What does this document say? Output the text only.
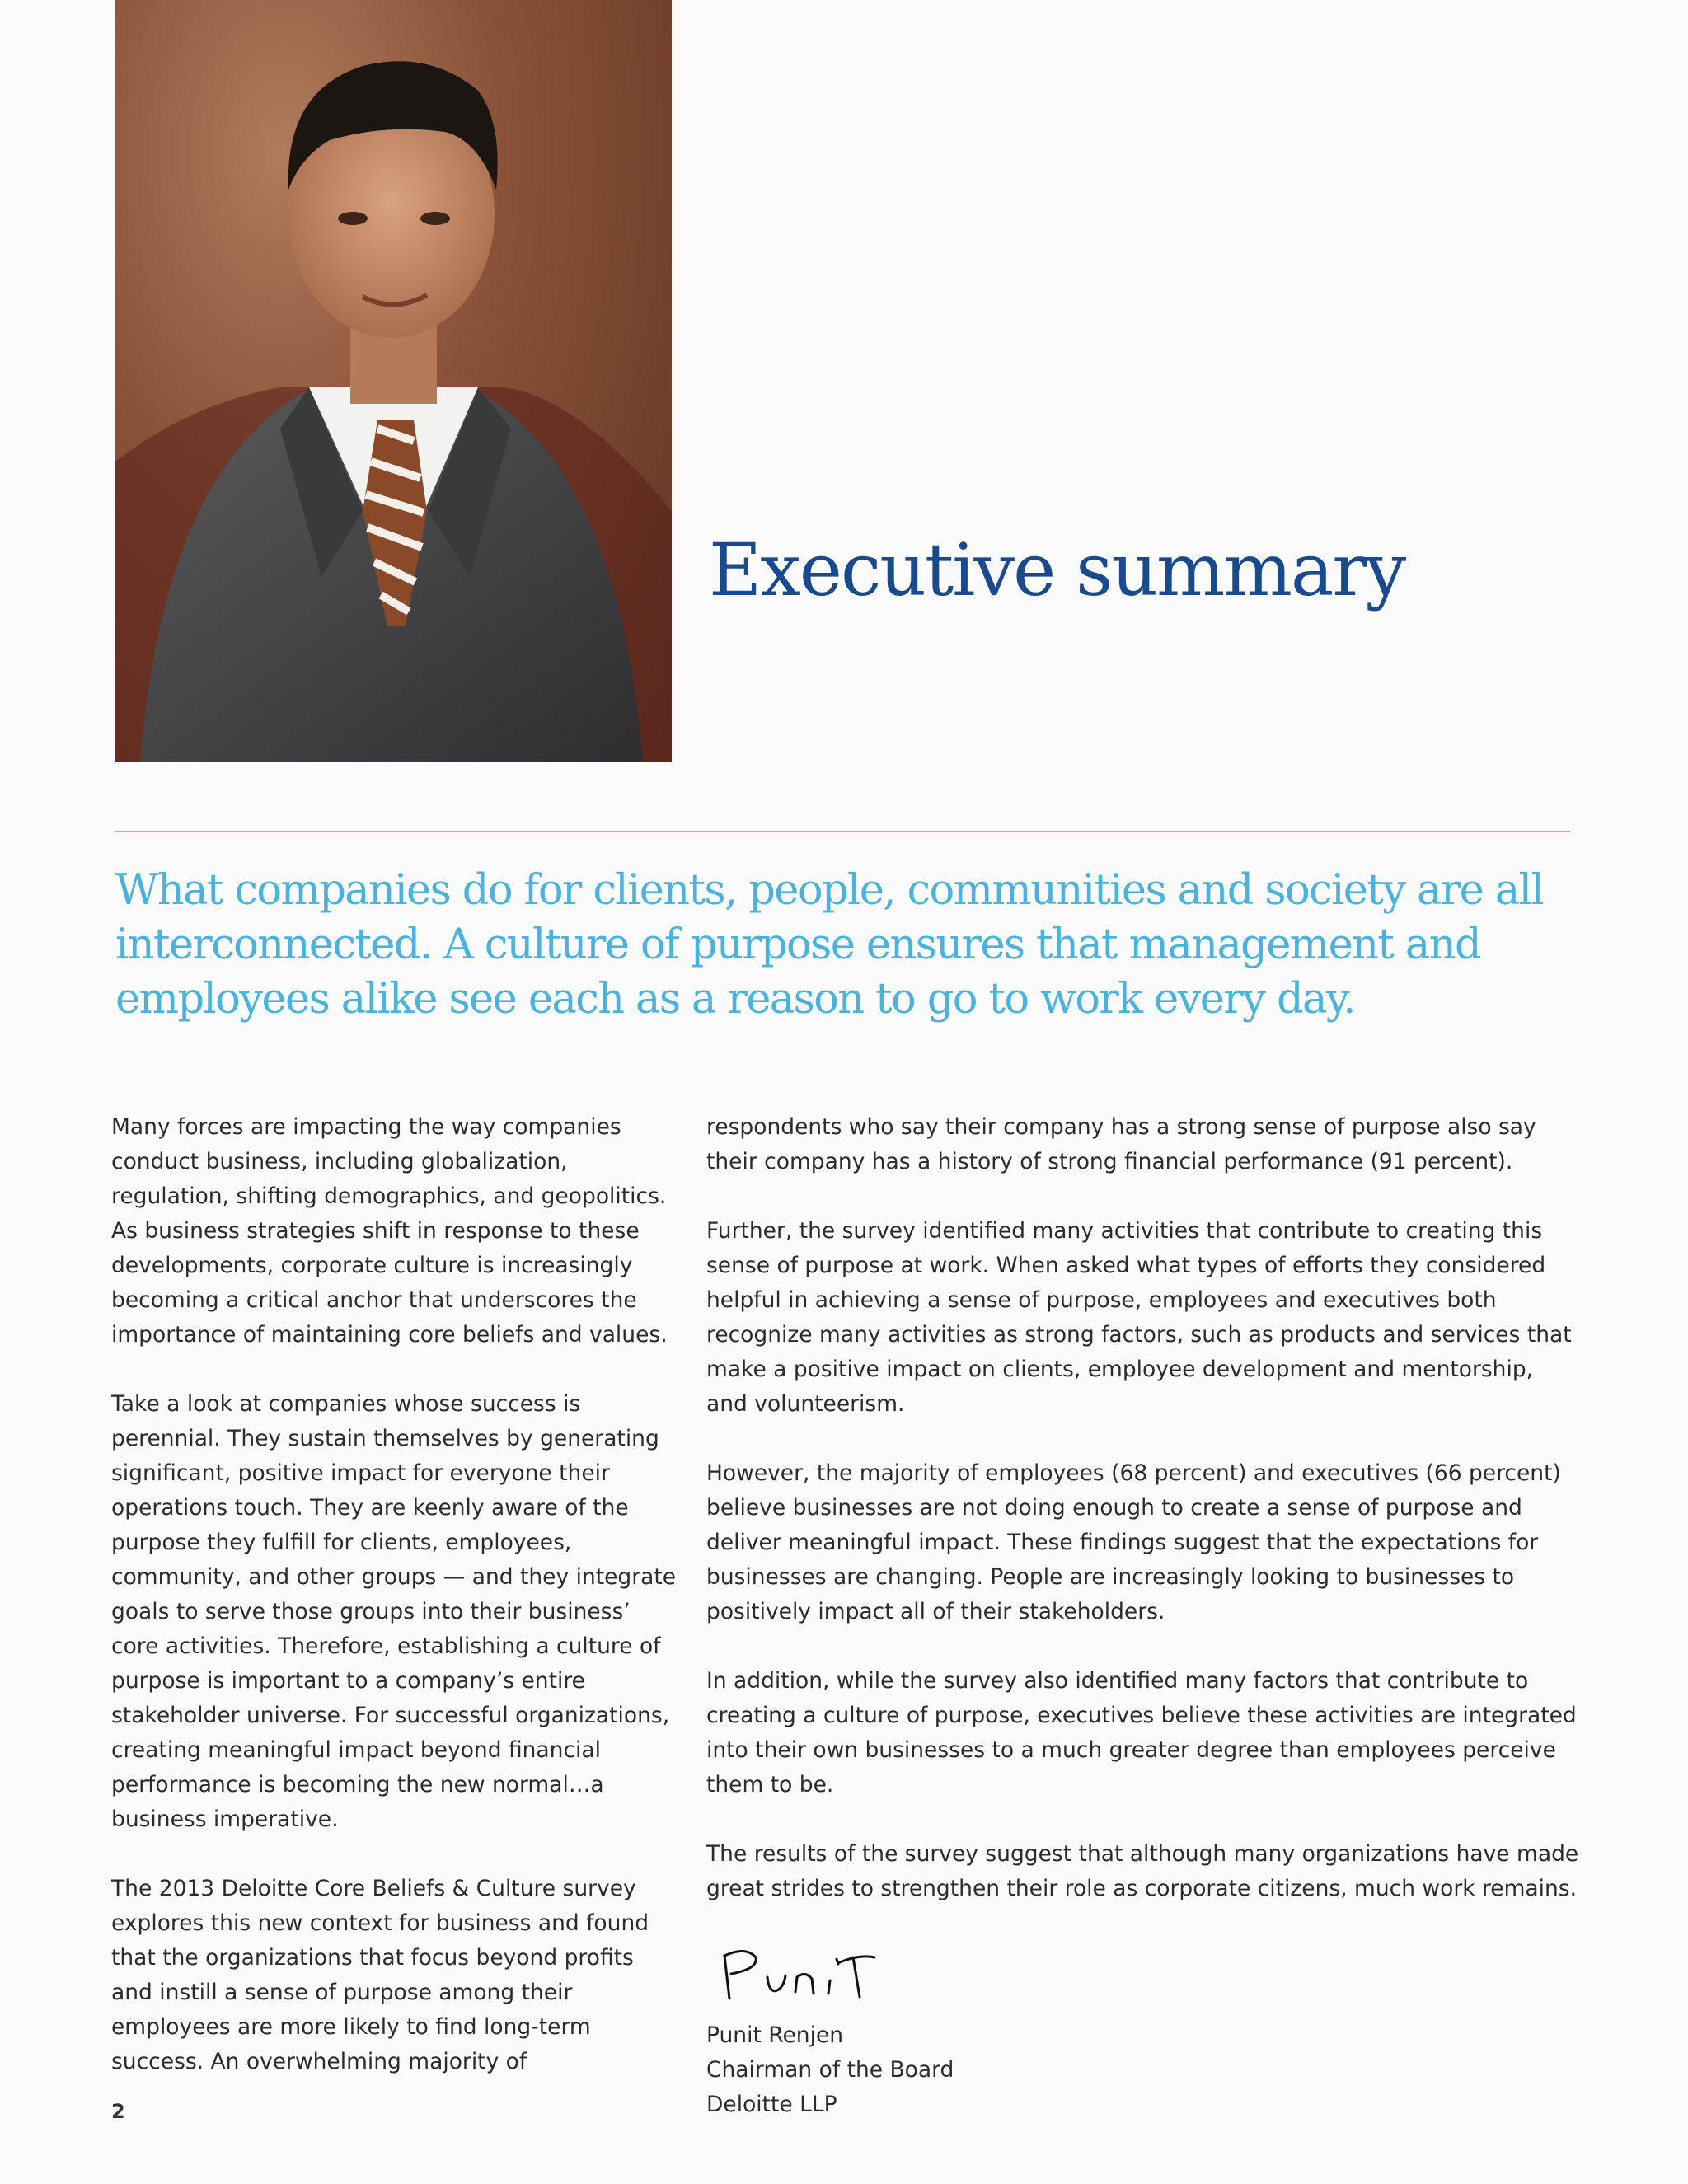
Executive summary

What companies do for clients, people, communities and society are all interconnected. A culture of purpose ensures that management and employees alike see each as a reason to go to work every day.

Many forces are impacting the way companies conduct business, including globalization, regulation, shifting demographics, and geopolitics. As business strategies shift in response to these developments, corporate culture is increasingly becoming a critical anchor that underscores the importance of maintaining core beliefs and values.

Take a look at companies whose success is perennial. They sustain themselves by generating significant, positive impact for everyone their operations touch. They are keenly aware of the purpose they fulfill for clients, employees, community, and other groups — and they integrate goals to serve those groups into their business’ core activities. Therefore, establishing a culture of purpose is important to a company’s entire stakeholder universe. For successful organizations, creating meaningful impact beyond financial performance is becoming the new normal…a business imperative.

The 2013 Deloitte Core Beliefs & Culture survey explores this new context for business and found that the organizations that focus beyond profits and instill a sense of purpose among their employees are more likely to find long-term success. An overwhelming majority of

respondents who say their company has a strong sense of purpose also say their company has a history of strong financial performance (91 percent).

Further, the survey identified many activities that contribute to creating this sense of purpose at work. When asked what types of efforts they considered helpful in achieving a sense of purpose, employees and executives both recognize many activities as strong factors, such as products and services that make a positive impact on clients, employee development and mentorship, and volunteerism.

However, the majority of employees (68 percent) and executives (66 percent) believe businesses are not doing enough to create a sense of purpose and deliver meaningful impact. These findings suggest that the expectations for businesses are changing. People are increasingly looking to businesses to positively impact all of their stakeholders.

In addition, while the survey also identified many factors that contribute to creating a culture of purpose, executives believe these activities are integrated into their own businesses to a much greater degree than employees perceive them to be.

The results of the survey suggest that although many organizations have made great strides to strengthen their role as corporate citizens, much work remains.

Punit Renjen

Chairman of the Board

Deloitte LLP

2
